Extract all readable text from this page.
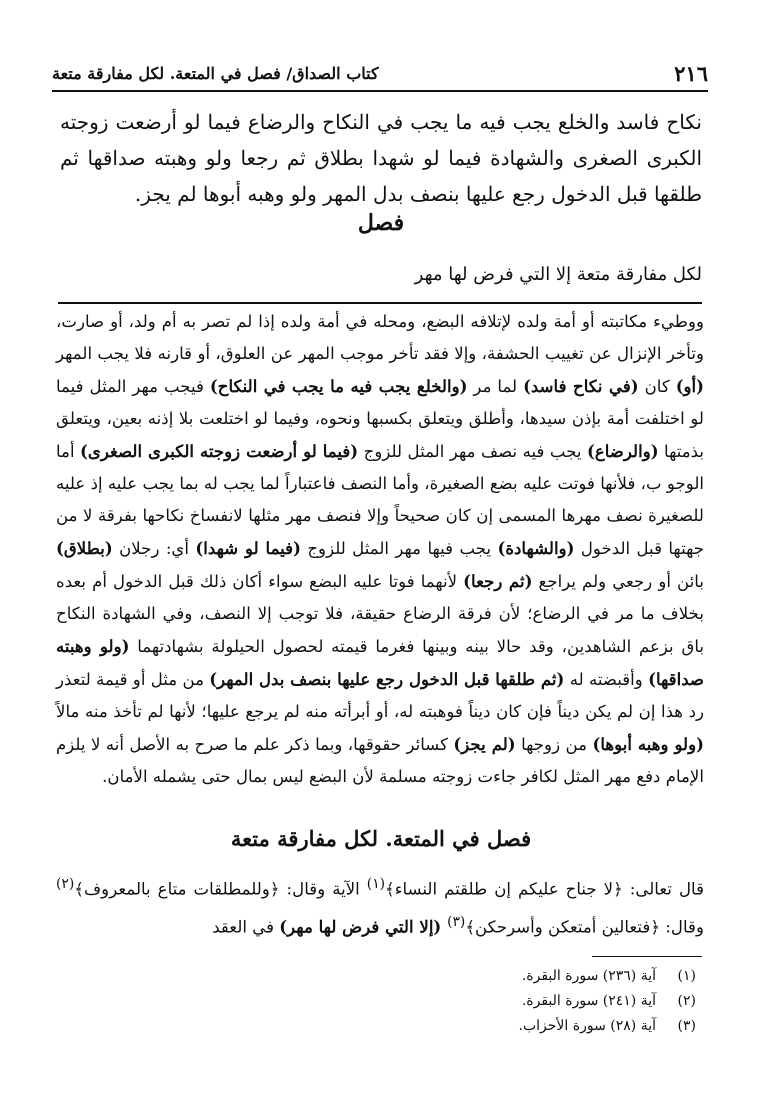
٢١٦
كتاب الصداق/ فصل في المتعة. لكل مفارقة متعة
نكاح فاسد والخلع يجب فيه ما يجب في النكاح والرضاع فيما لو أرضعت زوجته الكبرى الصغرى والشهادة فيما لو شهدا بطلاق ثم رجعا ولو وهبته صداقها ثم طلقها قبل الدخول رجع عليها بنصف بدل المهر ولو وهبه أبوها لم يجز.
فصل
لكل مفارقة متعة إلا التي فرض لها مهر
ووطيء مكاتبته أو أمة ولده لإتلافه البضع، ومحله في أمة ولده إذا لم تصر به أم ولد، أو صارت، وتأخر الإنزال عن تغييب الحشفة، وإلا فقد تأخر موجب المهر عن العلوق، أو قارنه فلا يجب المهر (أو) كان (في نكاح فاسد) لما مر (والخلع يجب فيه ما يجب في النكاح) فيجب مهر المثل فيما لو اختلفت أمة بإذن سيدها، وأطلق ويتعلق بكسبها ونحوه، وفيما لو اختلعت بلا إذنه بعين، ويتعلق بذمتها (والرضاع) يجب فيه نصف مهر المثل للزوج (فيما لو أرضعت زوجته الكبرى الصغرى) أما الوجو ب، فلأنها فوتت عليه بضع الصغيرة، وأما النصف فاعتباراً لما يجب له بما يجب عليه إذ عليه للصغيرة نصف مهرها المسمى إن كان صحيحاً وإلا فنصف مهر مثلها لانفساخ نكاحها بفرقة لا من جهتها قبل الدخول (والشهادة) يجب فيها مهر المثل للزوج (فيما لو شهدا) أي: رجلان (بطلاق) بائن أو رجعي ولم يراجع (ثم رجعا) لأنهما فوتا عليه البضع سواء أكان ذلك قبل الدخول أم بعده بخلاف ما مر في الرضاع؛ لأن فرقة الرضاع حقيقة، فلا توجب إلا النصف، وفي الشهادة النكاح باق بزعم الشاهدين، وقد حالا بينه وبينها فغرما قيمته لحصول الحيلولة بشهادتهما (ولو وهبته صداقها) وأقبضته له (ثم طلقها قبل الدخول رجع عليها بنصف بدل المهر) من مثل أو قيمة لتعذر رد هذا إن لم يكن ديناً فإن كان ديناً فوهبته له، أو أبرأته منه لم يرجع عليها؛ لأنها لم تأخذ منه مالاً (ولو وهبه أبوها) من زوجها (لم يجز) كسائر حقوقها، وبما ذكر علم ما صرح به الأصل أنه لا يلزم الإمام دفع مهر المثل لكافر جاءت زوجته مسلمة لأن البضع ليس بمال حتى يشمله الأمان.
فصل في المتعة. لكل مفارقة متعة
قال تعالى: ﴿لا جناح عليكم إن طلقتم النساء﴾$^{(١)}$ الآية وقال: ﴿وللمطلقات متاع بالمعروف﴾$^{(٢)}$ وقال: ﴿فتعالين أمتعكن وأسرحكن﴾$^{(٣)}$ (إلا التي فرض لها مهر) في العقد
(١)
آية (٢٣٦) سورة البقرة.
(٢)
آية (٢٤١) سورة البقرة.
(٣)
آية (٢٨) سورة الأحزاب.
